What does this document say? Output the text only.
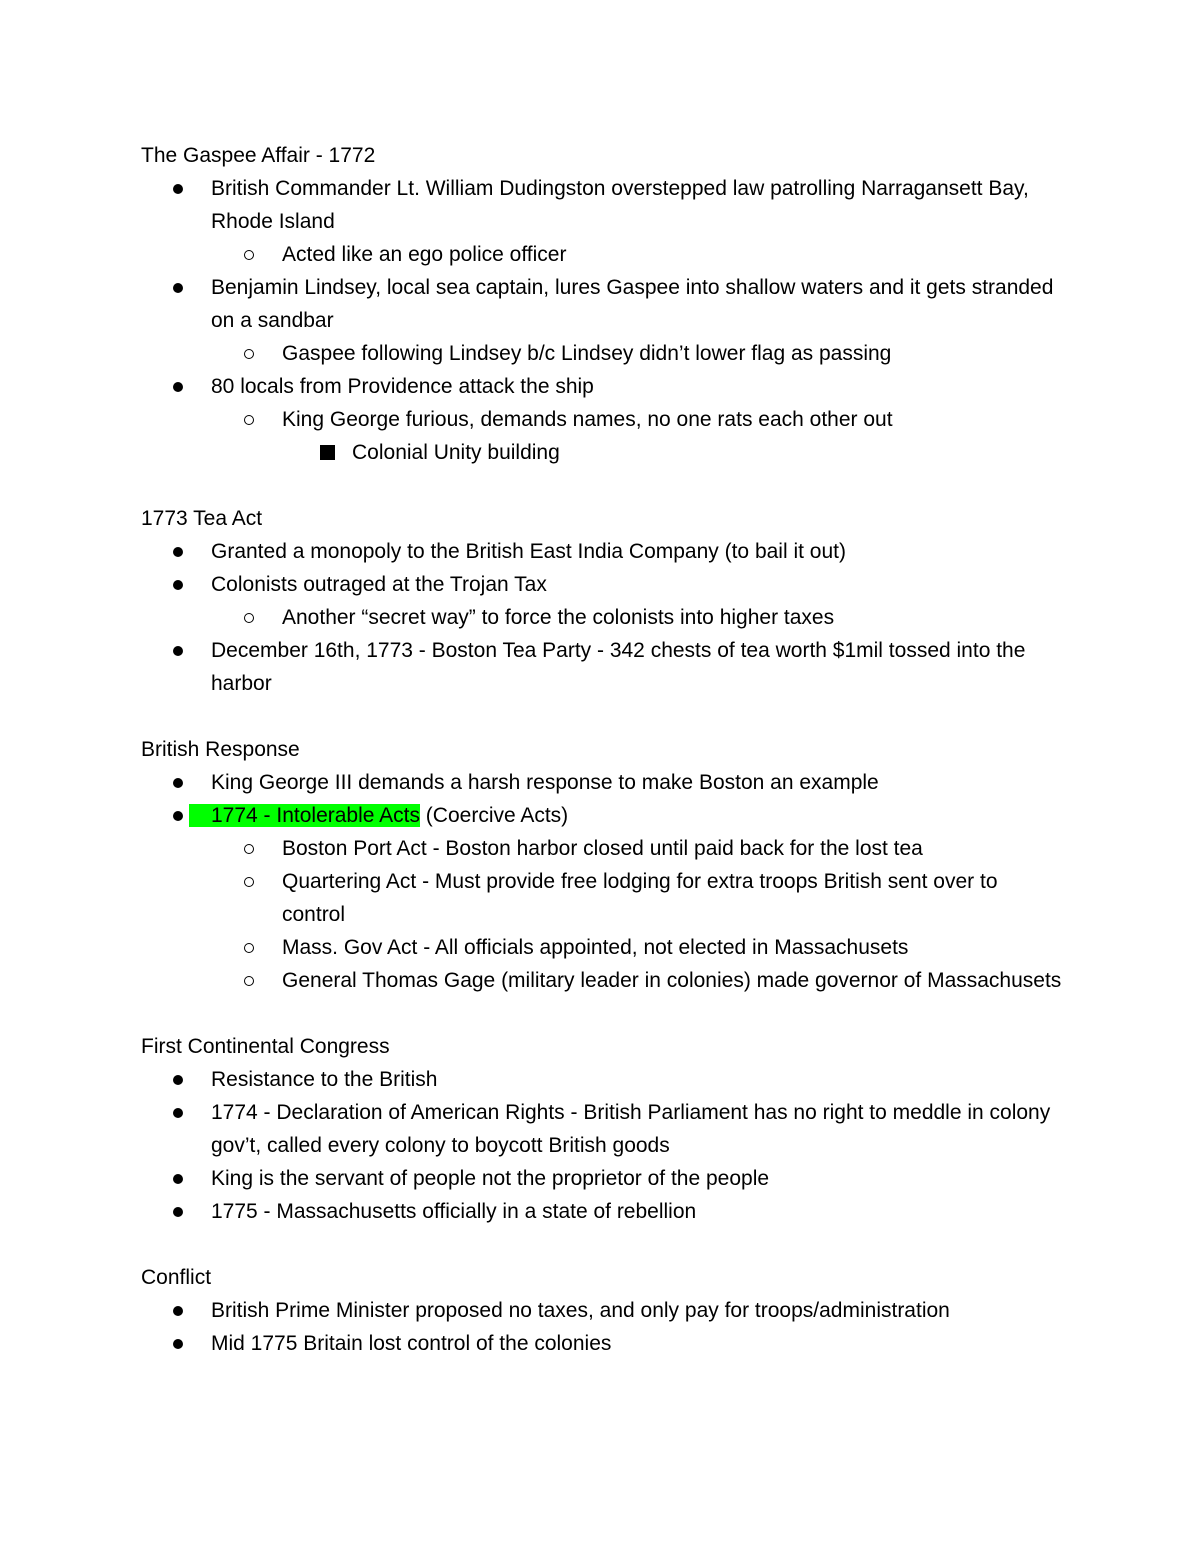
The Gaspee Affair - 1772
British Commander Lt. William Dudingston overstepped law patrolling Narragansett Bay, Rhode Island
Acted like an ego police officer
Benjamin Lindsey, local sea captain, lures Gaspee into shallow waters and it gets stranded on a sandbar
Gaspee following Lindsey b/c Lindsey didn’t lower flag as passing
80 locals from Providence attack the ship
King George furious, demands names, no one rats each other out
Colonial Unity building
1773 Tea Act
Granted a monopoly to the British East India Company (to bail it out)
Colonists outraged at the Trojan Tax
Another “secret way” to force the colonists into higher taxes
December 16th, 1773 - Boston Tea Party - 342 chests of tea worth $1mil tossed into the harbor
British Response
King George III demands a harsh response to make Boston an example
1774 - Intolerable Acts (Coercive Acts)
Boston Port Act - Boston harbor closed until paid back for the lost tea
Quartering Act - Must provide free lodging for extra troops British sent over to control
Mass. Gov Act - All officials appointed, not elected in Massachusets
General Thomas Gage (military leader in colonies) made governor of Massachusets
First Continental Congress
Resistance to the British
1774 - Declaration of American Rights - British Parliament has no right to meddle in colony gov’t, called every colony to boycott British goods
King is the servant of people not the proprietor of the people
1775 - Massachusetts officially in a state of rebellion
Conflict
British Prime Minister proposed no taxes, and only pay for troops/administration
Mid 1775 Britain lost control of the colonies
